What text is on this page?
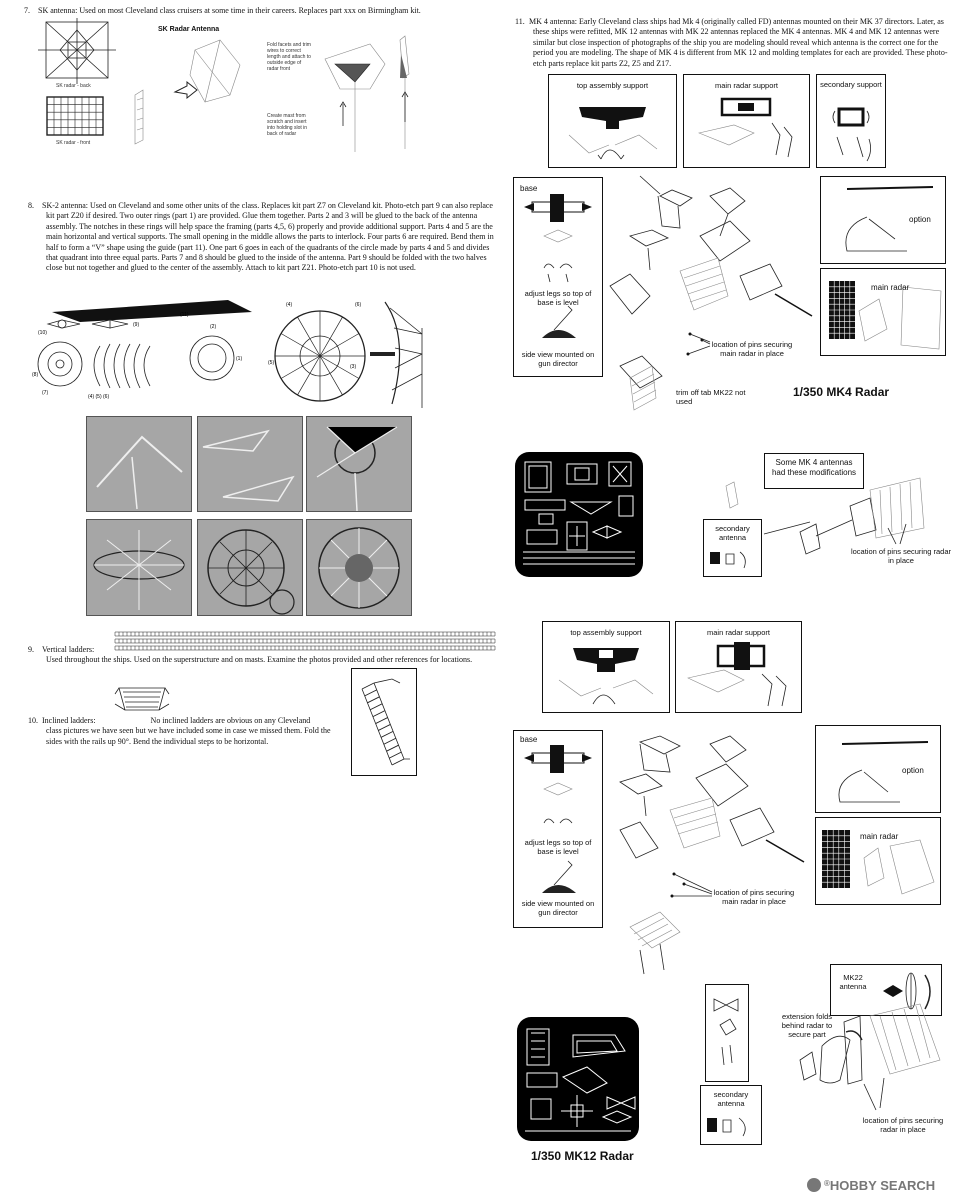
7. SK antenna: Used on most Cleveland class cruisers at some time in their careers. Replaces part xxx on Birmingham kit.
SK radar - back
SK radar - front
SK Radar Antenna
Fold facets and trim wires to correct length and attach to outside edge of radar front
Create mast from scratch and insert into holding slot in back of radar
8. SK-2 antenna: Used on Cleveland and some other units of the class. Replaces kit part Z7 on Cleveland kit. Photo-etch part 9 can also replace kit part Z20 if desired. Two outer rings (part 1) are provided. Glue them together. Parts 2 and 3 will be glued to the back of the antenna assembly. The notches in these rings will help space the framing (parts 4,5, 6) properly and provide additional support. Parts 4 and 5 are the main horizontal and vertical supports. The small opening in the middle allows the parts to interlock. Four parts 6 are required. Bend them in half to form a “V” shape using the guide (part 11). One part 6 goes in each of the quadrants of the circle made by parts 4 and 5 and divides that quadrant into three equal parts. Parts 7 and 8 should be glued to the inside of the antenna. Part 9 should be folded with the two halves close but not together and glued to the center of the assembly. Attach to kit part Z21. Photo-etch part 10 is not used.
(11)
(10)
(9)
(8)
(7)
(4) (5) (6)
(2)
(1)
(5)
(3)
(4)	(6)
9. Vertical ladders:
Used throughout the ships. Used on the superstructure and on masts. Examine the photos provided and other references for locations.
10. Inclined ladders:	No inclined ladders are obvious on any Cleveland
class pictures we have seen but we have included some in case we missed them. Fold the sides with the rails up 90°. Bend the individual steps to be horizontal.
11. MK 4 antenna: Early Cleveland class ships had Mk 4 (originally called FD) antennas mounted on their MK 37 directors. Later, as these ships were refitted, MK 12 antennas with MK 22 antennas replaced the MK 4 antennas. MK 4 and MK 12 antennas were similar but close inspection of photographs of the ship you are modeling should reveal which antenna is the correct one for the period you are modeling. The shape of MK 4 is different from MK 12 and molding templates for each are provided. These photo-etch parts replace kit parts Z2, Z5 and Z17.
top assembly support	main radar support	secondary support
base
adjust legs so top of base is level
side view mounted on gun director
option
main radar
location of pins securing main radar in place
trim off tab MK22 not used
1/350 MK4 Radar
Some MK 4 antennas had these modifications
secondary antenna
location of pins securing radar in place
top assembly support	main radar support
base
adjust legs so top of base is level
side view mounted on gun director
option
main radar
location of pins securing main radar in place
MK22 antenna
extension folds behind radar to secure part
secondary antenna
location of pins securing radar in place
1/350 MK12 Radar
®HOBBY SEARCH
